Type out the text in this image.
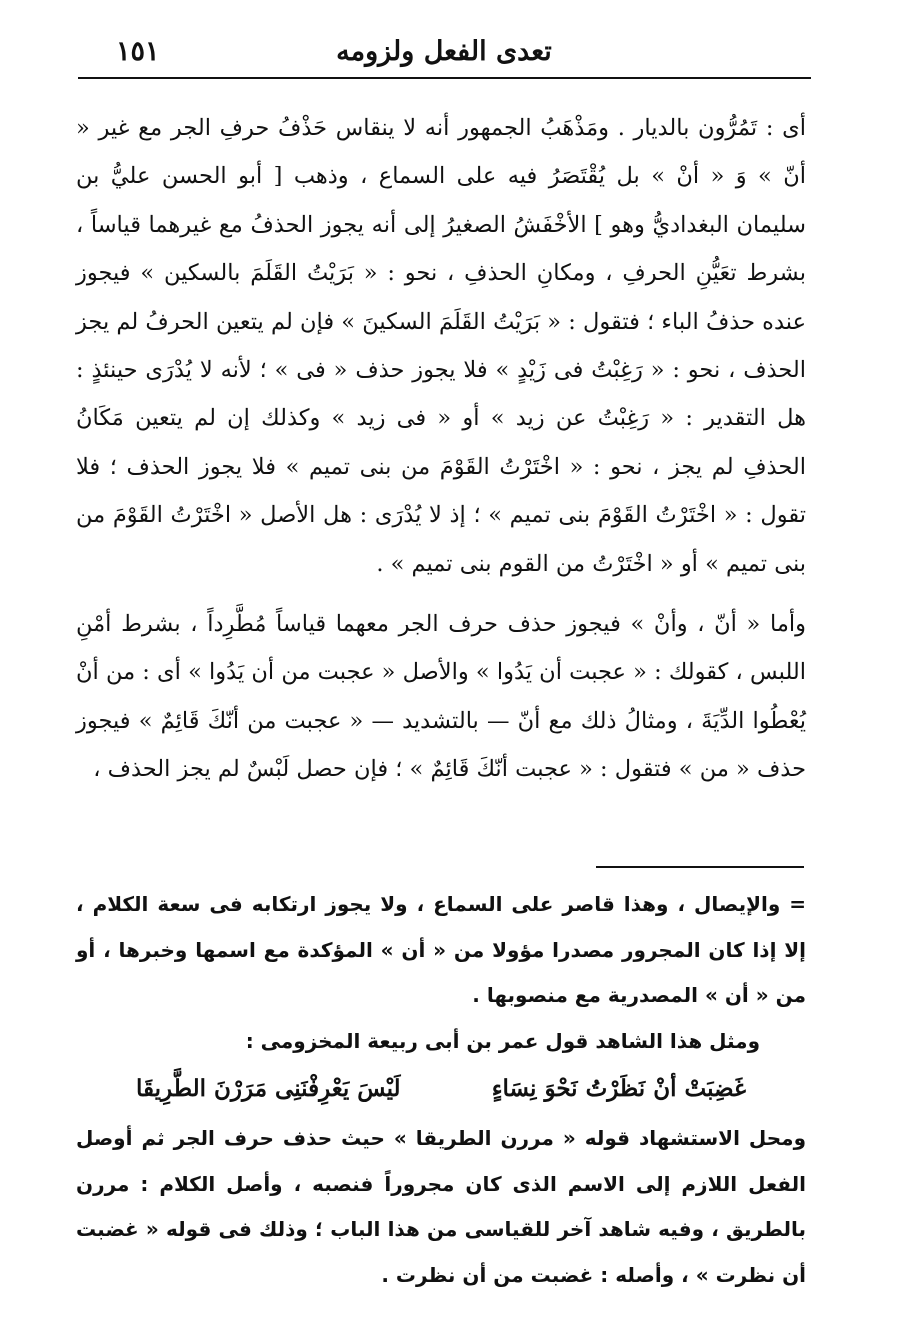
تعدى الفعل ولزومه
١٥١

أى : تَمُرُّون بالديار . ومَذْهَبُ الجمهور أنه لا ينقاس حَذْفُ حرفِ الجر مع غير « أنّ » وَ « أنْ » بل يُقْتَصَرُ فيه على السماع ، وذهب [ أبو الحسن عليُّ بن سليمان البغداديُّ وهو ] الأخْفَشُ الصغيرُ إلى أنه يجوز الحذفُ مع غيرهما قياساً ، بشرط تعَيُّنِ الحرفِ ، ومكانِ الحذفِ ، نحو : « بَرَيْتُ القَلَمَ بالسكين » فيجوز عنده حذفُ الباء ؛ فتقول : « بَرَيْتُ القَلَمَ السكينَ » فإن لم يتعين الحرفُ لم يجز الحذف ، نحو : « رَغِبْتُ فى زَيْدٍ » فلا يجوز حذف « فى » ؛ لأنه لا يُدْرَى حينئذٍ : هل التقدير : « رَغِبْتُ عن زيد » أو « فى زيد » وكذلك إن لم يتعين مَكَانُ الحذفِ لم يجز ، نحو : « اخْتَرْتُ القَوْمَ من بنى تميم » فلا يجوز الحذف ؛ فلا تقول : « اخْتَرْتُ القَوْمَ بنى تميم » ؛ إذ لا يُدْرَى : هل الأصل « اخْتَرْتُ القَوْمَ من بنى تميم » أو « اخْتَرْتُ من القوم بنى تميم » .

وأما « أنّ ، وأنْ » فيجوز حذف حرف الجر معهما قياساً مُطَّرِداً ، بشرط أمْنِ اللبس ، كقولك : « عجبت أن يَدُوا » والأصل « عجبت من أن يَدُوا » أى : من أنْ يُعْطُوا الدِّيَةَ ، ومثالُ ذلك مع أنّ — بالتشديد — « عجبت من أنّكَ قَائِمٌ » فيجوز حذف « من » فتقول : « عجبت أنّكَ قَائِمٌ » ؛ فإن حصل لَبْسٌ لم يجز الحذف ،

= والإيصال ، وهذا قاصر على السماع ، ولا يجوز ارتكابه فى سعة الكلام ، إلا إذا كان المجرور مصدرا مؤولا من « أن » المؤكدة مع اسمها وخبرها ، أو من « أن » المصدرية مع منصوبها .

ومثل هذا الشاهد قول عمر بن أبى ربيعة المخزومى :

غَضِبَتْ أنْ نَظَرْتُ نَحْوَ نِسَاءٍ
لَيْسَ يَعْرِفْنَنِى مَرَرْنَ الطَّرِيقَا

ومحل الاستشهاد قوله « مررن الطريقا » حيث حذف حرف الجر ثم أوصل الفعل اللازم إلى الاسم الذى كان مجروراً فنصبه ، وأصل الكلام : مررن بالطريق ، وفيه شاهد آخر للقياسى من هذا الباب ؛ وذلك فى قوله « غضبت أن نظرت » ، وأصله : غضبت من أن نظرت .
